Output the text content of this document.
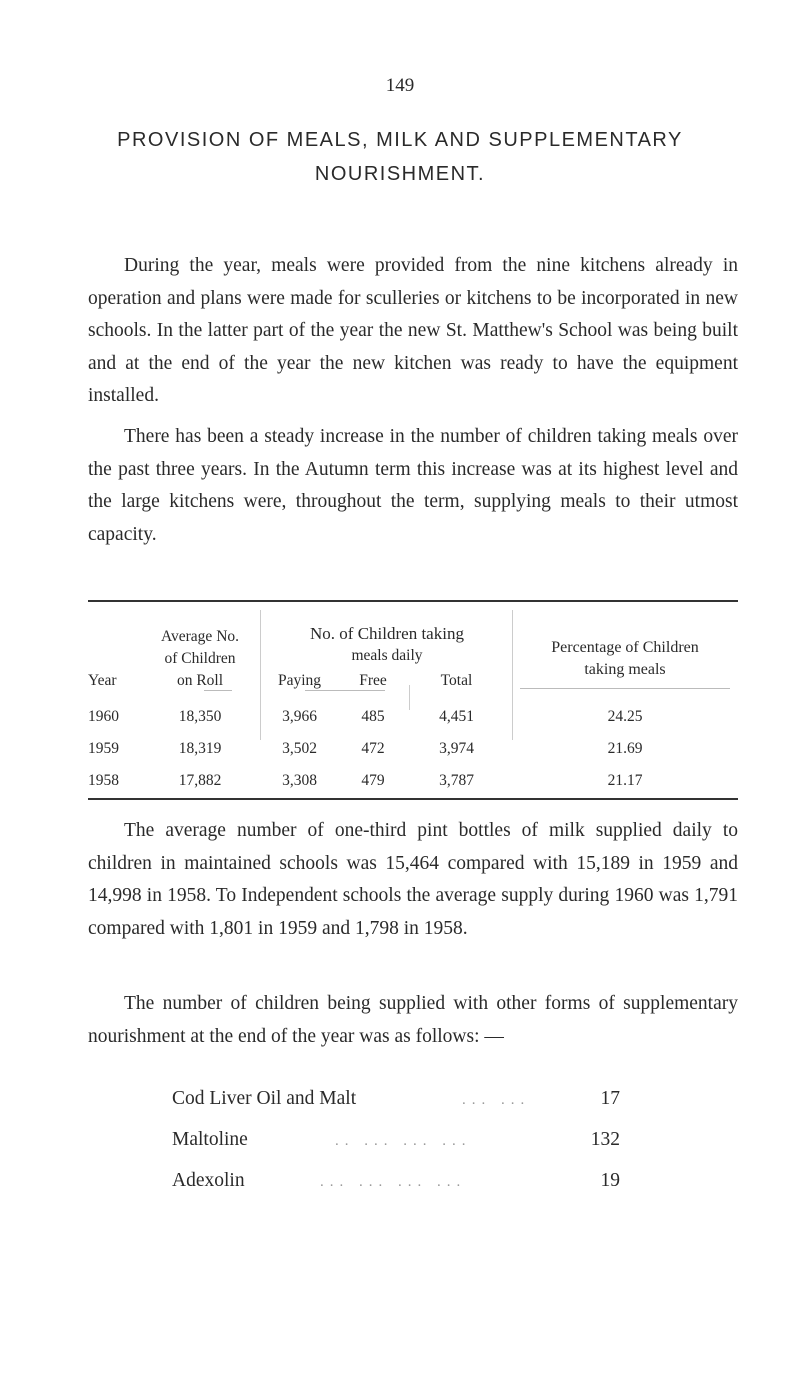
149
PROVISION OF MEALS, MILK AND SUPPLEMENTARY
NOURISHMENT.

During the year, meals were provided from the nine kitchens already in operation and plans were made for sculleries or kitchens to be incorporated in new schools. In the latter part of the year the new St. Matthew's School was being built and at the end of the year the new kitchen was ready to have the equipment installed.

There has been a steady increase in the number of children taking meals over the past three years. In the Autumn term this increase was at its highest level and the large kitchens were, throughout the term, supplying meals to their utmost capacity.

Year
Average No.
of Children
on Roll
No. of Children taking
meals daily
Paying	Free	Total
Percentage of Children
taking meals
1960	18,350	3,966	485	4,451	24.25
1959	18,319	3,502	472	3,974	21.69
1958	17,882	3,308	479	3,787	21.17

The average number of one-third pint bottles of milk supplied daily to children in maintained schools was 15,464 compared with 15,189 in 1959 and 14,998 in 1958. To Independent schools the average supply during 1960 was 1,791 compared with 1,801 in 1959 and 1,798 in 1958.

The number of children being supplied with other forms of supplementary nourishment at the end of the year was as follows: —

Cod Liver Oil and Malt	... ...	17
Maltoline	.. ... ... ...	132
Adexolin	... ... ... ...	19
